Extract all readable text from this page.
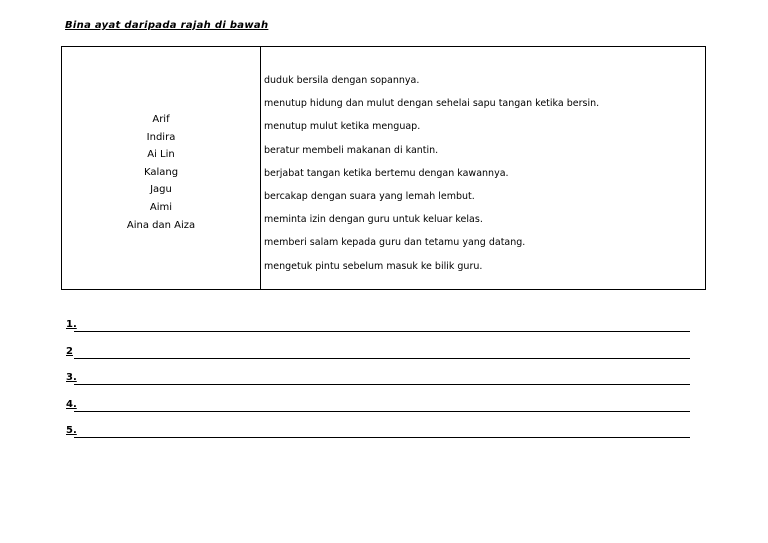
Bina ayat daripada rajah di bawah
Arif
Indira
Ai Lin
Kalang
Jagu
Aimi
Aina dan Aiza
duduk bersila dengan sopannya.
menutup hidung dan mulut dengan sehelai sapu tangan ketika bersin.
menutup mulut ketika menguap.
beratur membeli makanan di kantin.
berjabat tangan ketika bertemu dengan kawannya.
bercakap dengan suara yang lemah lembut.
meminta izin dengan guru untuk keluar kelas.
memberi salam kepada guru dan tetamu yang datang.
mengetuk pintu sebelum masuk ke bilik guru.
1.
2
3.
4.
5.
